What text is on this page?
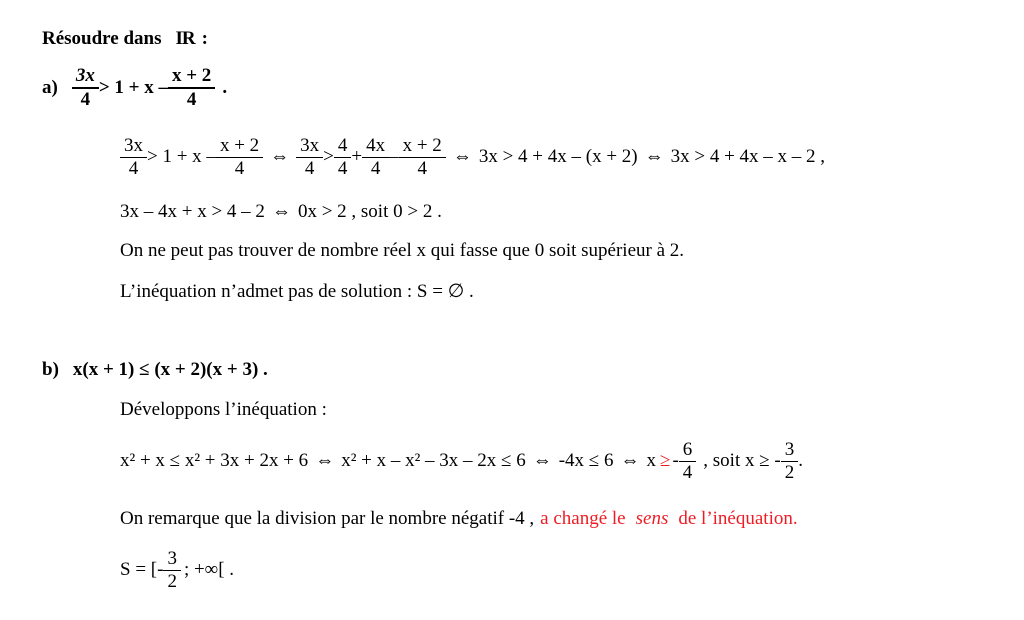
Résoudre dans IR :
$a) \frac{3x}{4} > 1 + x - \frac{x + 2}{4}$ .
$\frac{3x}{4} > 1 + x - \frac{x + 2}{4}$ ⇔ $\frac{3x}{4} > \frac{4}{4} + \frac{4x}{4} - \frac{x + 2}{4}$ ⇔ 3x > 4 + 4x – (x + 2) ⇔ 3x > 4 + 4x – x – 2 ,
3x – 4x + x > 4 – 2 ⇔ 0x > 2 , soit 0 > 2 .
On ne peut pas trouver de nombre réel x qui fasse que 0 soit supérieur à 2.
L’inéquation n’admet pas de solution : S = ∅ .
b) x(x + 1) ≤ (x + 2)(x + 3) .
Développons l’inéquation :
x² + x ≤ x² + 3x + 2x + 6 ⇔ x² + x – x² – 3x – 2x ≤ 6 ⇔ -4x ≤ 6 ⇔ x ≥ - $\frac{6}{4}$ , soit x ≥ - $\frac{3}{2}$ .
On remarque que la division par le nombre négatif -4 , a changé le sens de l’inéquation.
S = [- $\frac{3}{2}$ ; +∞[ .
